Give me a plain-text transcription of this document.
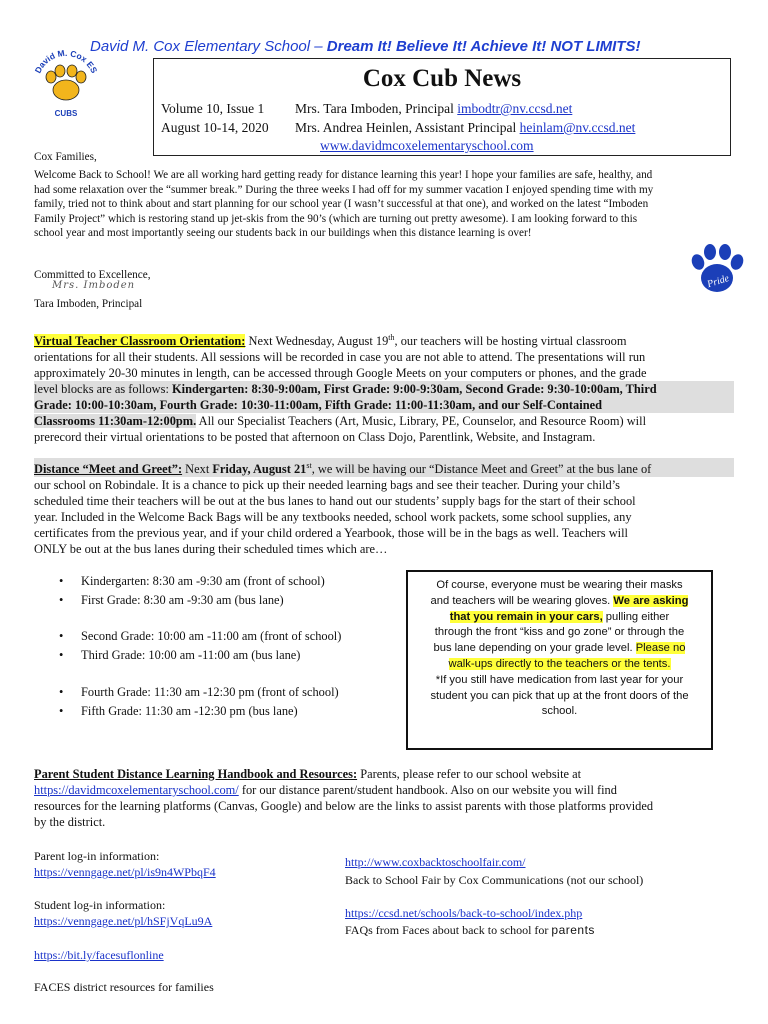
David M. Cox Elementary School – Dream It! Believe It! Achieve It! NOT LIMITS!
David M. Cox ES
CUBS
Cox Cub News
Volume 10, Issue 1
August 10-14, 2020
Mrs. Tara Imboden, Principal imbodtr@nv.ccsd.net
Mrs. Andrea Heinlen, Assistant Principal heinlam@nv.ccsd.net
www.davidmcoxelementaryschool.com
Cox Families,
Welcome Back to School! We are all working hard getting ready for distance learning this year! I hope your families are safe, healthy, and
had some relaxation over the “summer break.” During the three weeks I had off for my summer vacation I enjoyed spending time with my
family, tried not to think about and start planning for our school year (I wasn’t successful at that one), and worked on the latest “Imboden
Family Project” which is restoring stand up jet-skis from the 90’s (which are turning out pretty awesome). I am looking forward to this
school year and most importantly seeing our students back in our buildings when this distance learning is over!
Pride
Committed to Excellence,
Mrs. Imboden
Tara Imboden, Principal
Virtual Teacher Classroom Orientation: Next Wednesday, August 19th, our teachers will be hosting virtual classroom
orientations for all their students. All sessions will be recorded in case you are not able to attend. The presentations will run
approximately 20-30 minutes in length, can be accessed through Google Meets on your computers or phones, and the grade
level blocks are as follows: Kindergarten: 8:30-9:00am, First Grade: 9:00-9:30am, Second Grade: 9:30-10:00am, Third
Grade: 10:00-10:30am, Fourth Grade: 10:30-11:00am, Fifth Grade: 11:00-11:30am, and our Self-Contained
Classrooms 11:30am-12:00pm. All our Specialist Teachers (Art, Music, Library, PE, Counselor, and Resource Room) will
prerecord their virtual orientations to be posted that afternoon on Class Dojo, Parentlink, Website, and Instagram.
Distance “Meet and Greet”: Next Friday, August 21st, we will be having our “Distance Meet and Greet” at the bus lane of
our school on Robindale. It is a chance to pick up their needed learning bags and see their teacher. During your child’s
scheduled time their teachers will be out at the bus lanes to hand out our students’ supply bags for the start of their school
year. Included in the Welcome Back Bags will be any textbooks needed, school work packets, some school supplies, any
certificates from the previous year, and if your child ordered a Yearbook, those will be in the bags as well. Teachers will
ONLY be out at the bus lanes during their scheduled times which are…
• Kindergarten: 8:30 am -9:30 am (front of school)
• First Grade: 8:30 am -9:30 am (bus lane)
• Second Grade: 10:00 am -11:00 am (front of school)
• Third Grade: 10:00 am -11:00 am (bus lane)
• Fourth Grade: 11:30 am -12:30 pm (front of school)
• Fifth Grade: 11:30 am -12:30 pm (bus lane)
Of course, everyone must be wearing their masks
and teachers will be wearing gloves. We are asking
that you remain in your cars, pulling either
through the front “kiss and go zone” or through the
bus lane depending on your grade level. Please no
walk-ups directly to the teachers or the tents.
*If you still have medication from last year for your
student you can pick that up at the front doors of the
school.
Parent Student Distance Learning Handbook and Resources: Parents, please refer to our school website at
https://davidmcoxelementaryschool.com/ for our distance parent/student handbook. Also on our website you will find
resources for the learning platforms (Canvas, Google) and below are the links to assist parents with those platforms provided
by the district.
Parent log-in information:
https://venngage.net/pl/is9n4WPbqF4
Student log-in information:
https://venngage.net/pl/hSFjVqLu9A
https://bit.ly/facesuflonline
FACES district resources for families
http://www.coxbacktoschoolfair.com/
Back to School Fair by Cox Communications (not our school)
https://ccsd.net/schools/back-to-school/index.php
FAQs from Faces about back to school for parents
